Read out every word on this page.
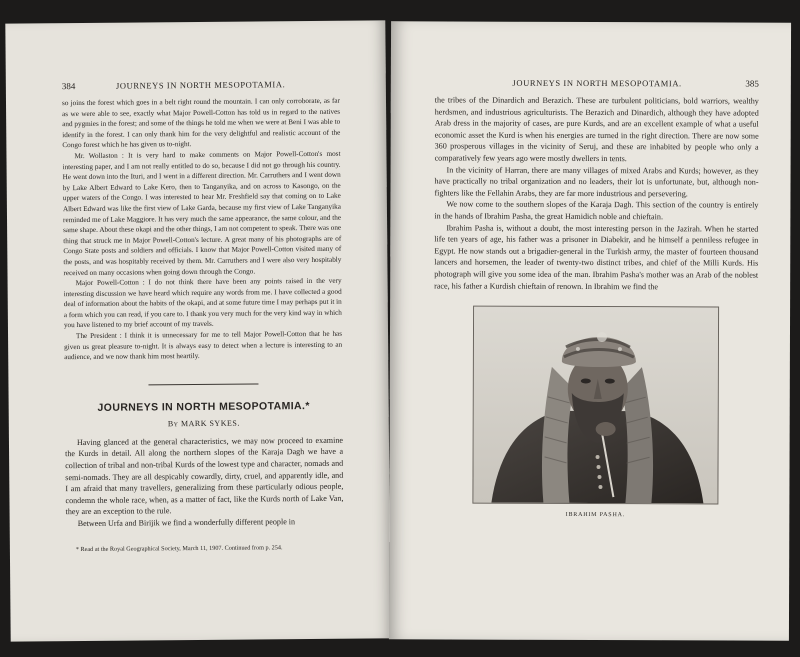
384	JOURNEYS IN NORTH MESOPOTAMIA.

so joins the forest which goes in a belt right round the mountain. I can only corroborate, as far as we were able to see, exactly what Major Powell-Cotton has told us in regard to the natives and pygmies in the forest; and some of the things he told me when we were at Beni I was able to identify in the forest. I can only thank him for the very delightful and realistic account of the Congo forest which he has given us to-night.

Mr. Wollaston : It is very hard to make comments on Major Powell-Cotton's most interesting paper, and I am not really entitled to do so, because I did not go through his country. He went down into the Ituri, and I went in a different direction. Mr. Carruthers and I went down by Lake Albert Edward to Lake Kero, then to Tanganyika, and on across to Kasongo, on the upper waters of the Congo. I was interested to hear Mr. Freshfield say that coming on to Lake Albert Edward was like the first view of Lake Garda, because my first view of Lake Tanganyika reminded me of Lake Maggiore. It has very much the same appearance, the same colour, and the same shape. About these okapi and the other things, I am not competent to speak. There was one thing that struck me in Major Powell-Cotton's lecture. A great many of his photographs are of Congo State posts and soldiers and officials. I know that Major Powell-Cotton visited many of the posts, and was hospitably received by them. Mr. Carruthers and I were also very hospitably received on many occasions when going down through the Congo.

Major Powell-Cotton : I do not think there have been any points raised in the very interesting discussion we have heard which require any words from me. I have collected a good deal of information about the habits of the okapi, and at some future time I may perhaps put it in a form which you can read, if you care to. I thank you very much for the very kind way in which you have listened to my brief account of my travels.

The President : I think it is unnecessary for me to tell Major Powell-Cotton that he has given us great pleasure to-night. It is always easy to detect when a lecture is interesting to an audience, and we now thank him most heartily.

JOURNEYS IN NORTH MESOPOTAMIA.*
By MARK SYKES.

Having glanced at the general characteristics, we may now proceed to examine the Kurds in detail. All along the northern slopes of the Karaja Dagh we have a collection of tribal and non-tribal Kurds of the lowest type and character, nomads and semi-nomads. They are all despicably cowardly, dirty, cruel, and apparently idle, and I am afraid that many travellers, generalizing from these particularly odious people, condemn the whole race, when, as a matter of fact, like the Kurds north of Lake Van, they are an exception to the rule.

Between Urfa and Birijik we find a wonderfully different people in

* Read at the Royal Geographical Society, March 11, 1907. Continued from p. 254.
JOURNEYS IN NORTH MESOPOTAMIA.	385

the tribes of the Dinardich and Berazich. These are turbulent politicians, bold warriors, wealthy herdsmen, and industrious agriculturists. The Berazich and Dinardich, although they have adopted Arab dress in the majority of cases, are pure Kurds, and are an excellent example of what a useful economic asset the Kurd is when his energies are turned in the right direction. There are now some 360 prosperous villages in the vicinity of Seruj, and these are inhabited by people who only a comparatively few years ago were mostly dwellers in tents.

In the vicinity of Harran, there are many villages of mixed Arabs and Kurds; however, as they have practically no tribal organization and no leaders, their lot is unfortunate, but, although non-fighters like the Fellahin Arabs, they are far more industrious and persevering.

We now come to the southern slopes of the Karaja Dagh. This section of the country is entirely in the hands of Ibrahim Pasha, the great Hamidich noble and chieftain.

Ibrahim Pasha is, without a doubt, the most interesting person in the Jazirah. When he started life ten years of age, his father was a prisoner in Diabekir, and he himself a penniless refugee in Egypt. He now stands out a brigadier-general in the Turkish army, the master of fourteen thousand lancers and horsemen, the leader of twenty-two distinct tribes, and chief of the Milli Kurds. His photograph will give you some idea of the man. Ibrahim Pasha's mother was an Arab of the noblest race, his father a Kurdish chieftain of renown. In Ibrahim we find the

IBRAHIM PASHA.
